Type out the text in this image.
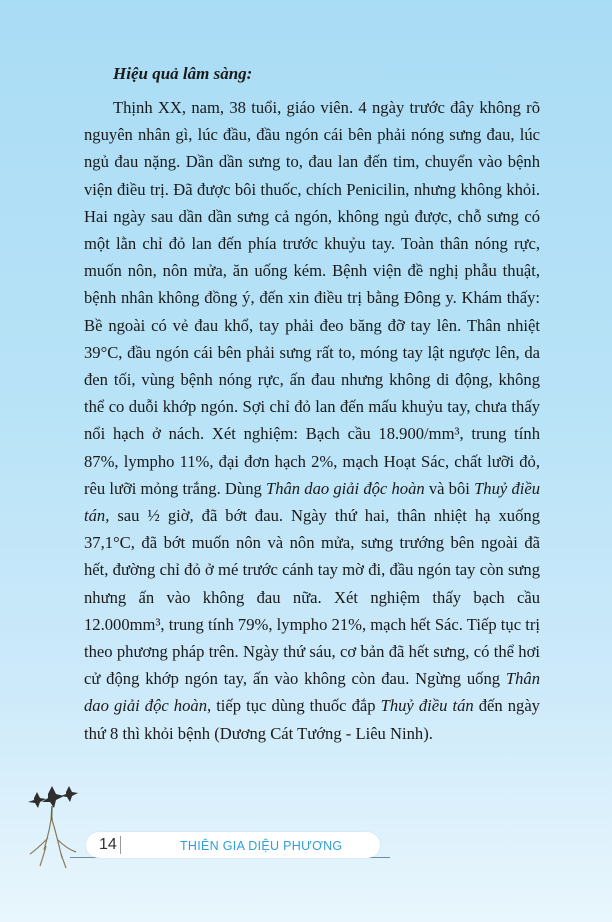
Hiệu quả lâm sàng:

Thịnh XX, nam, 38 tuổi, giáo viên. 4 ngày trước đây không rõ nguyên nhân gì, lúc đầu, đầu ngón cái bên phải nóng sưng đau, lúc ngủ đau nặng. Dần dần sưng to, đau lan đến tim, chuyển vào bệnh viện điều trị. Đã được bôi thuốc, chích Penicilin, nhưng không khỏi. Hai ngày sau dần dần sưng cả ngón, không ngủ được, chỗ sưng có một lằn chỉ đỏ lan đến phía trước khuỷu tay. Toàn thân nóng rực, muốn nôn, nôn mửa, ăn uống kém. Bệnh viện đề nghị phẫu thuật, bệnh nhân không đồng ý, đến xin điều trị bằng Đông y. Khám thấy: Bề ngoài có vẻ đau khổ, tay phải đeo băng đỡ tay lên. Thân nhiệt 39°C, đầu ngón cái bên phải sưng rất to, móng tay lật ngược lên, da đen tối, vùng bệnh nóng rực, ấn đau nhưng không di động, không thể co duỗi khớp ngón. Sợi chỉ đỏ lan đến mấu khuỷu tay, chưa thấy nổi hạch ở nách. Xét nghiệm: Bạch cầu 18.900/mm³, trung tính 87%, lympho 11%, đại đơn hạch 2%, mạch Hoạt Sác, chất lưỡi đỏ, rêu lưỡi mỏng trắng. Dùng Thân dao giải độc hoàn và bôi Thuỷ điều tán, sau ½ giờ, đã bớt đau. Ngày thứ hai, thân nhiệt hạ xuống 37,1°C, đã bớt muốn nôn và nôn mửa, sưng trướng bên ngoài đã hết, đường chỉ đỏ ở mé trước cánh tay mờ đi, đầu ngón tay còn sưng nhưng ấn vào không đau nữa. Xét nghiệm thấy bạch cầu 12.000mm³, trung tính 79%, lympho 21%, mạch hết Sác. Tiếp tục trị theo phương pháp trên. Ngày thứ sáu, cơ bản đã hết sưng, có thể hơi cử động khớp ngón tay, ấn vào không còn đau. Ngừng uống Thân dao giải độc hoàn, tiếp tục dùng thuốc đắp Thuỷ điều tán đến ngày thứ 8 thì khỏi bệnh (Dương Cát Tướng - Liêu Ninh).

14	THIÊN GIA DIỆU PHƯƠNG
